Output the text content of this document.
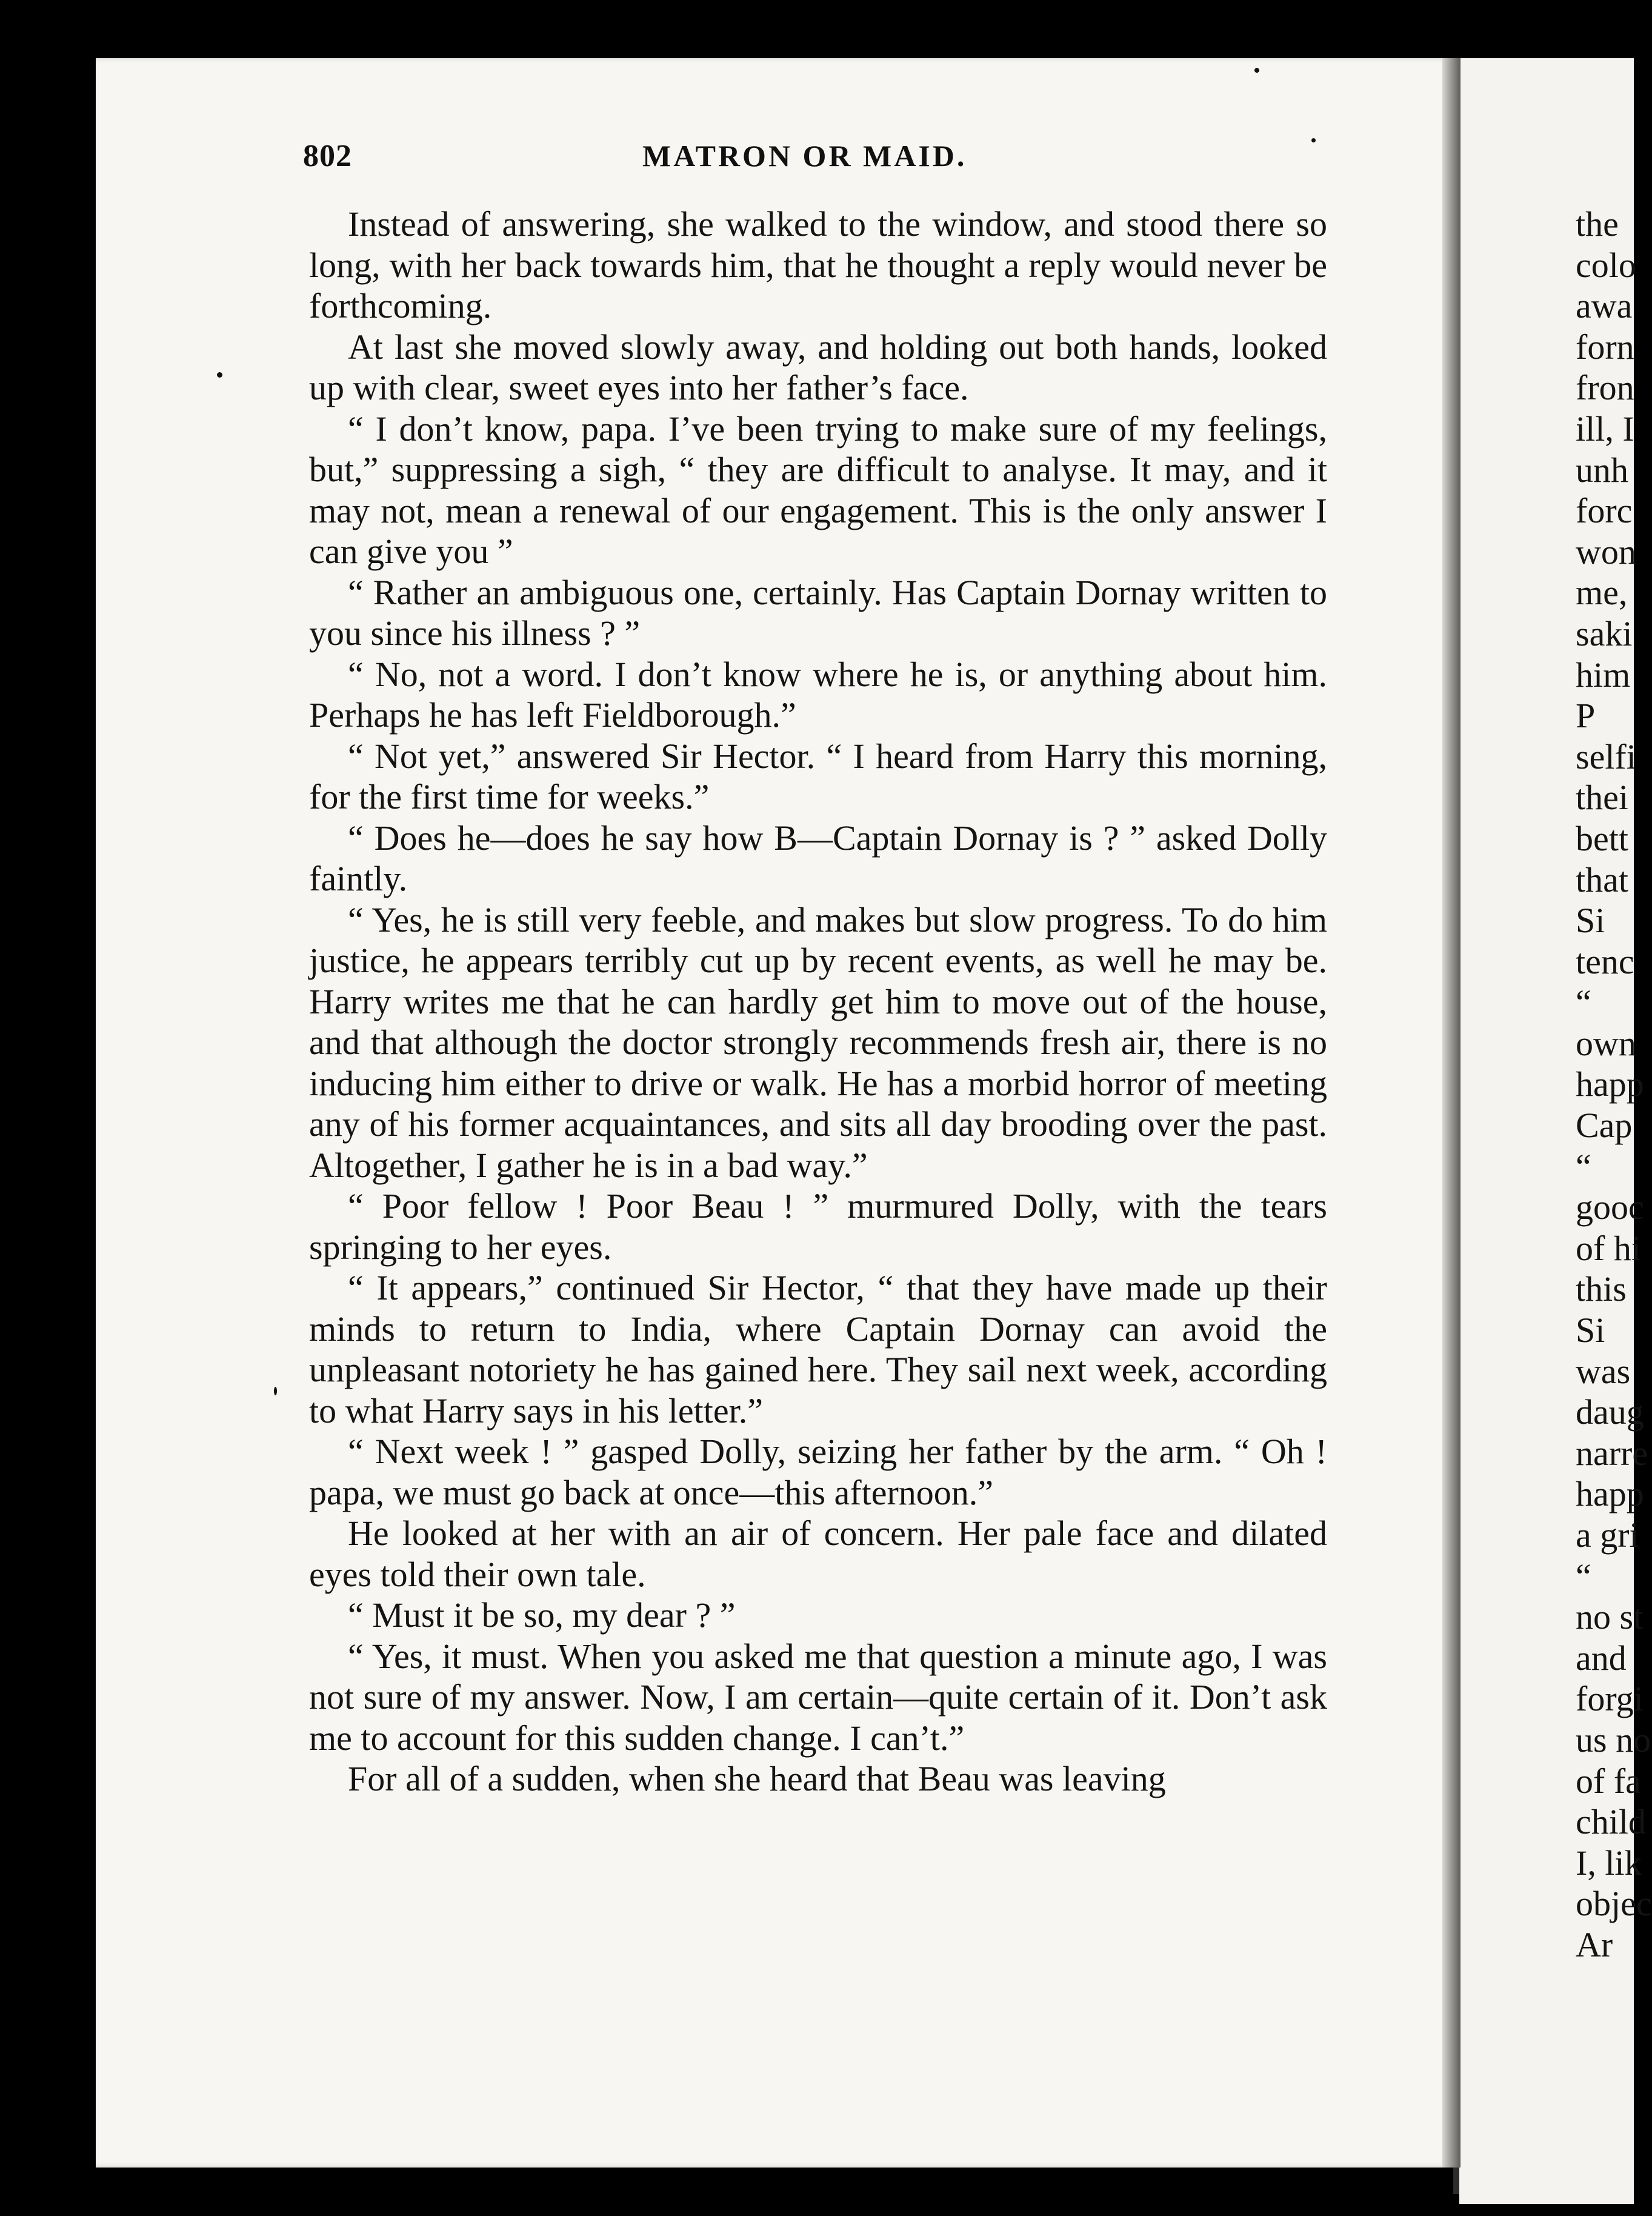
802	MATRON OR MAID.

Instead of answering, she walked to the window, and stood there so long, with her back towards him, that he thought a reply would never be forthcoming.

At last she moved slowly away, and holding out both hands, looked up with clear, sweet eyes into her father’s face.

“ I don’t know, papa. I’ve been trying to make sure of my feelings, but,” suppressing a sigh, “ they are difficult to analyse. It may, and it may not, mean a renewal of our engagement. This is the only answer I can give you ”

“ Rather an ambiguous one, certainly. Has Captain Dornay written to you since his illness ? ”

“ No, not a word. I don’t know where he is, or anything about him. Perhaps he has left Fieldborough.”

“ Not yet,” answered Sir Hector. “ I heard from Harry this morning, for the first time for weeks.”

“ Does he—does he say how B—Captain Dornay is ? ” asked Dolly faintly.

“ Yes, he is still very feeble, and makes but slow progress. To do him justice, he appears terribly cut up by recent events, as well he may be. Harry writes me that he can hardly get him to move out of the house, and that although the doctor strongly recommends fresh air, there is no inducing him either to drive or walk. He has a morbid horror of meeting any of his former acquaintances, and sits all day brooding over the past. Altogether, I gather he is in a bad way.”

“ Poor fellow ! Poor Beau ! ” murmured Dolly, with the tears springing to her eyes.

“ It appears,” continued Sir Hector, “ that they have made up their minds to return to India, where Captain Dornay can avoid the unpleasant notoriety he has gained here. They sail next week, according to what Harry says in his letter.”

“ Next week ! ” gasped Dolly, seizing her father by the arm. “ Oh ! papa, we must go back at once—this afternoon.”

He looked at her with an air of concern. Her pale face and dilated eyes told their own tale.

“ Must it be so, my dear ? ”

“ Yes, it must. When you asked me that question a minute ago, I was not sure of my answer. Now, I am certain—quite certain of it. Don’t ask me to account for this sudden change. I can’t.”

For all of a sudden, when she heard that Beau was leaving

the
colo
awa
forn
fron
ill, I
unh
forc
won
me,
saki
him
P
selfi
thei
bett
that
Si
tenc
“
own
happ
Cap
“
gooc
of hi
this
Si
was
daug
narre
happ
a gri
“
no st
and
forgi
us no
of fa
child
I, lik
objec
Ar
